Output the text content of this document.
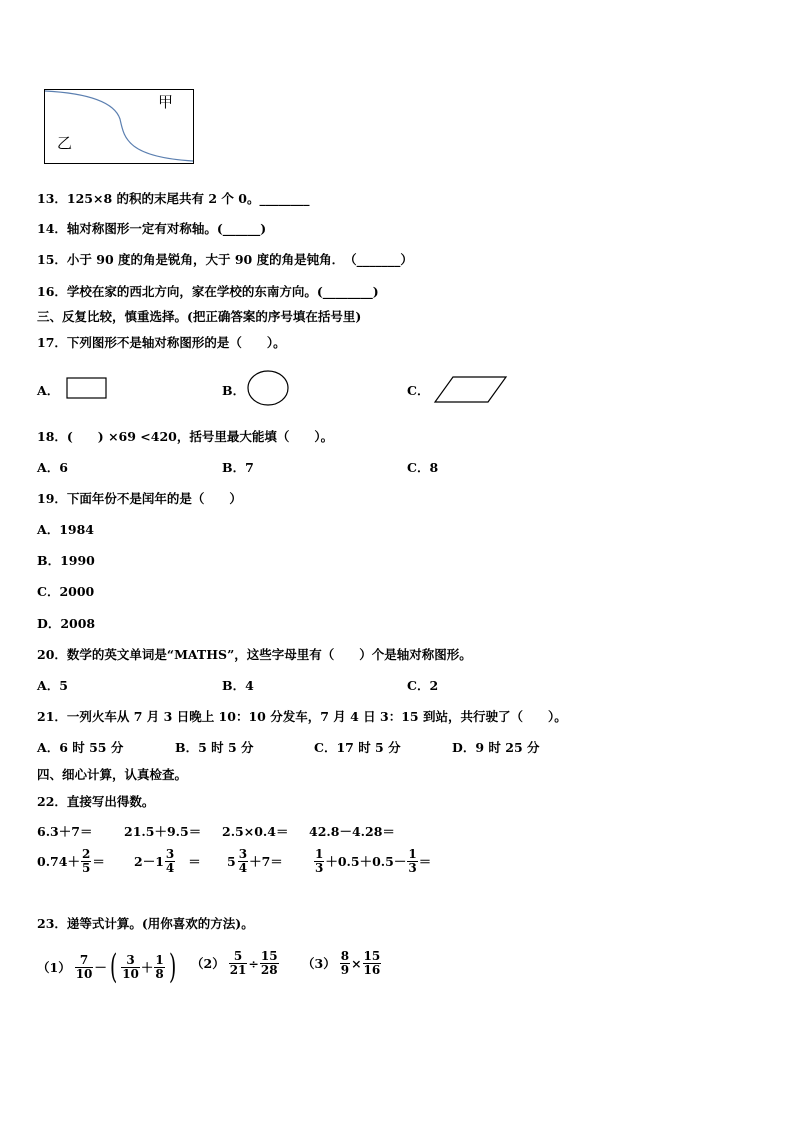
甲
乙
13．125×8 的积的末尾共有 2 个 0。________
14．轴对称图形一定有对称轴。(______)
15．小于 90 度的角是锐角，大于 90 度的角是钝角．　（_______）
16．学校在家的西北方向，家在学校的东南方向。(________)
三、反复比较，慎重选择。(把正确答案的序号填在括号里)
17．下列图形不是轴对称图形的是（　　）。
A．	B．	C．
18．(　　) ×69 <420，括号里最大能填（　　）。
A．6	B．7	C．8
19．下面年份不是闰年的是（　　）
A．1984
B．1990
C．2000
D．2008
20．数学的英文单词是“MATHS”，这些字母里有（　　）个是轴对称图形。
A．5	B．4	C．2
21．一列火车从 7 月 3 日晚上 10：10 分发车，7 月 4 日 3：15 到站，共行驶了（　　）。
A．6 时 55 分	B．5 时 5 分	C．17 时 5 分	D．9 时 25 分
四、细心计算，认真检查。
22．直接写出得数。
6.3＋7＝	21.5＋9.5＝ 2.5×0.4＝ 42.8－4.28＝
$0.74+ \frac{2}{5} = 2-1 \frac{3}{4} = 5 \frac{3}{4} +7=$	$\frac{1}{3} +0.5+0.5- \frac{1}{3}$ ＝
23．递等式计算。(用你喜欢的方法)。
$(1) \frac{7}{10}$ － ( $\frac{3}{10} + \frac{1}{8}$ ) $(2) \frac{5}{21} \div \frac{15}{28} (3) \frac{8}{9} \times \frac{15}{16}$
